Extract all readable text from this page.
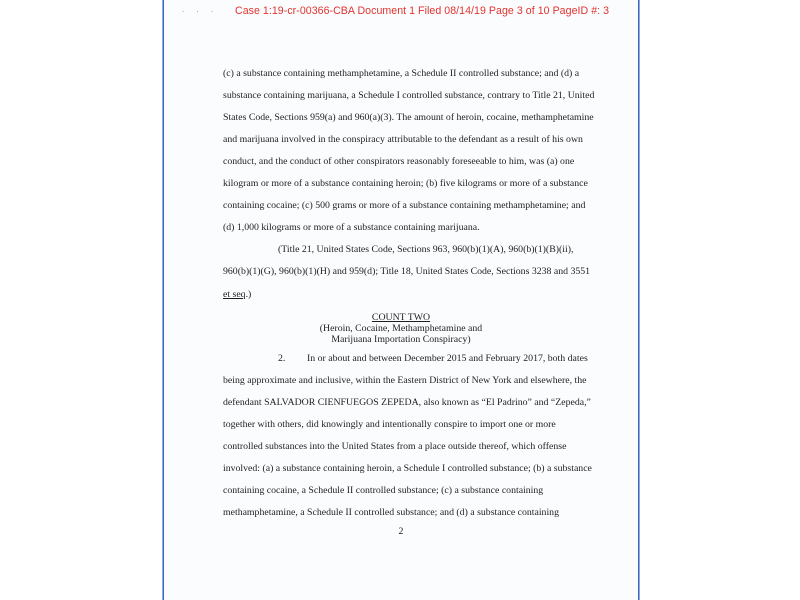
· · · Case 1:19-cr-00366-CBA Document 1 Filed 08/14/19 Page 3 of 10 PageID #: 3
(c) a substance containing methamphetamine, a Schedule II controlled substance; and (d) a
substance containing marijuana, a Schedule I controlled substance, contrary to Title 21, United
States Code, Sections 959(a) and 960(a)(3). The amount of heroin, cocaine, methamphetamine
and marijuana involved in the conspiracy attributable to the defendant as a result of his own
conduct, and the conduct of other conspirators reasonably foreseeable to him, was (a) one
kilogram or more of a substance containing heroin; (b) five kilograms or more of a substance
containing cocaine; (c) 500 grams or more of a substance containing methamphetamine; and
(d) 1,000 kilograms or more of a substance containing marijuana.
(Title 21, United States Code, Sections 963, 960(b)(1)(A), 960(b)(1)(B)(ii),
960(b)(1)(G), 960(b)(1)(H) and 959(d); Title 18, United States Code, Sections 3238 and 3551
et seq.)
COUNT TWO
(Heroin, Cocaine, Methamphetamine and
Marijuana Importation Conspiracy)
2. In or about and between December 2015 and February 2017, both dates
being approximate and inclusive, within the Eastern District of New York and elsewhere, the
defendant SALVADOR CIENFUEGOS ZEPEDA, also known as “El Padrino” and “Zepeda,”
together with others, did knowingly and intentionally conspire to import one or more
controlled substances into the United States from a place outside thereof, which offense
involved: (a) a substance containing heroin, a Schedule I controlled substance; (b) a substance
containing cocaine, a Schedule II controlled substance; (c) a substance containing
methamphetamine, a Schedule II controlled substance; and (d) a substance containing
2
